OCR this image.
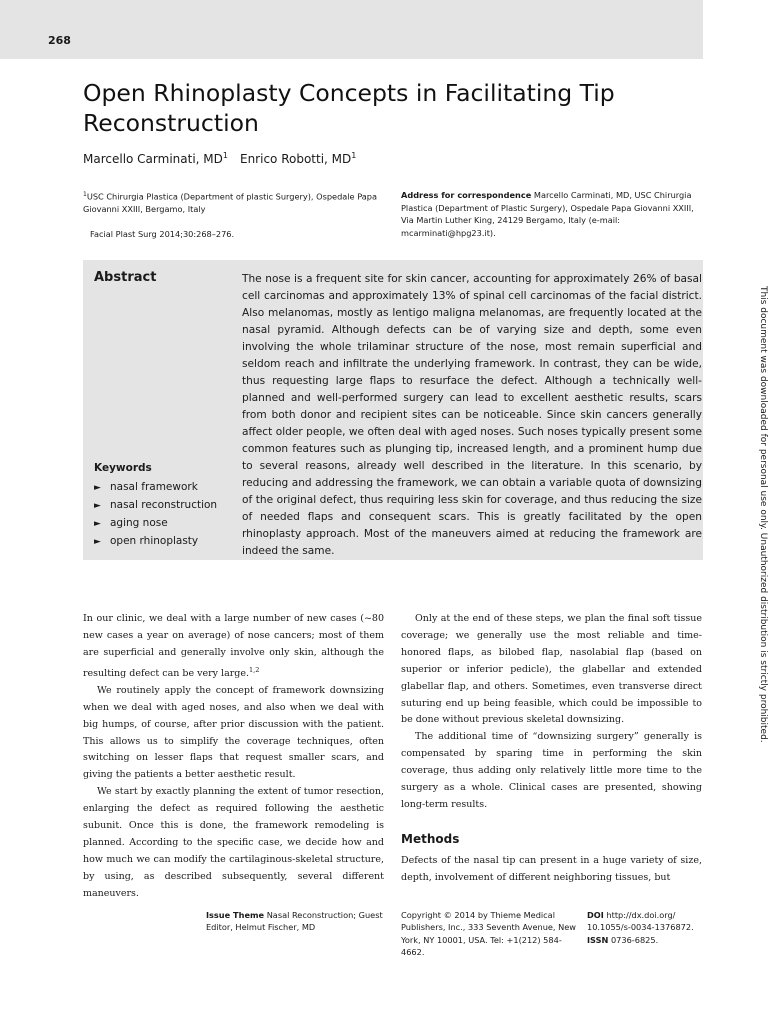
268
Open Rhinoplasty Concepts in Facilitating Tip Reconstruction
Marcello Carminati, $MD^1$ Enrico Robotti, $MD^1$
$^1$USC Chirurgia Plastica (Department of plastic Surgery), Ospedale Papa Giovanni XXIII, Bergamo, Italy
Facial Plast Surg 2014;30:268–276.
Address for correspondence Marcello Carminati, MD, USC Chirurgia Plastica (Department of Plastic Surgery), Ospedale Papa Giovanni XXIII, Via Martin Luther King, 24129 Bergamo, Italy (e-mail: mcarminati@hpg23.it).
Abstract	The nose is a frequent site for skin cancer, accounting for approximately 26% of basal cell carcinomas and approximately 13% of spinal cell carcinomas of the facial district. Also melanomas, mostly as lentigo maligna melanomas, are frequently located at the nasal pyramid. Although defects can be of varying size and depth, some even involving the whole trilaminar structure of the nose, most remain superficial and seldom reach and infiltrate the underlying framework. In contrast, they can be wide, thus requesting large flaps to resurface the defect. Although a technically well-planned and well-performed surgery can lead to excellent aesthetic results, scars from both donor and recipient sites can be noticeable. Since skin cancers generally affect older people, we often deal with aged noses. Such noses typically present some common features such as plunging tip, increased length, and a prominent hump due to several reasons, already well described in the literature. In this scenario, by reducing and addressing the framework, we can obtain a variable quota of downsizing of the original defect, thus requiring less skin for coverage, and thus reducing the size of needed flaps and consequent scars. This is greatly facilitated by the open rhinoplasty approach. Most of the maneuvers aimed at reducing the framework are indeed the same.

Keywords
► nasal framework
► nasal reconstruction
► aging nose
► open rhinoplasty	This document was downloaded for personal use only. Unauthorized distribution is strictly prohibited.

In our clinic, we deal with a large number of new cases (~80 new cases a year on average) of nose cancers; most of them are superficial and generally involve only skin, although the resulting defect can be very large.$^{1,2}$

We routinely apply the concept of framework downsizing when we deal with aged noses, and also when we deal with big humps, of course, after prior discussion with the patient. This allows us to simplify the coverage techniques, often switching on lesser flaps that request smaller scars, and giving the patients a better aesthetic result.

We start by exactly planning the extent of tumor resection, enlarging the defect as required following the aesthetic subunit. Once this is done, the framework remodeling is planned. According to the specific case, we decide how and how much we can modify the cartilaginous-skeletal structure, by using, as described subsequently, several different maneuvers.

Only at the end of these steps, we plan the final soft tissue coverage; we generally use the most reliable and time-honored flaps, as bilobed flap, nasolabial flap (based on superior or inferior pedicle), the glabellar and extended glabellar flap, and others. Sometimes, even transverse direct suturing end up being feasible, which could be impossible to be done without previous skeletal downsizing.

The additional time of “downsizing surgery” generally is compensated by sparing time in performing the skin coverage, thus adding only relatively little more time to the surgery as a whole. Clinical cases are presented, showing long-term results.

Methods

Defects of the nasal tip can present in a huge variety of size, depth, involvement of different neighboring tissues, but

Issue Theme Nasal Reconstruction; Guest Editor, Helmut Fischer, MD
Copyright © 2014 by Thieme Medical Publishers, Inc., 333 Seventh Avenue, New York, NY 10001, USA. Tel: +1(212) 584-4662.
DOI http://dx.doi.org/ 10.1055/s-0034-1376872.
ISSN 0736-6825.
